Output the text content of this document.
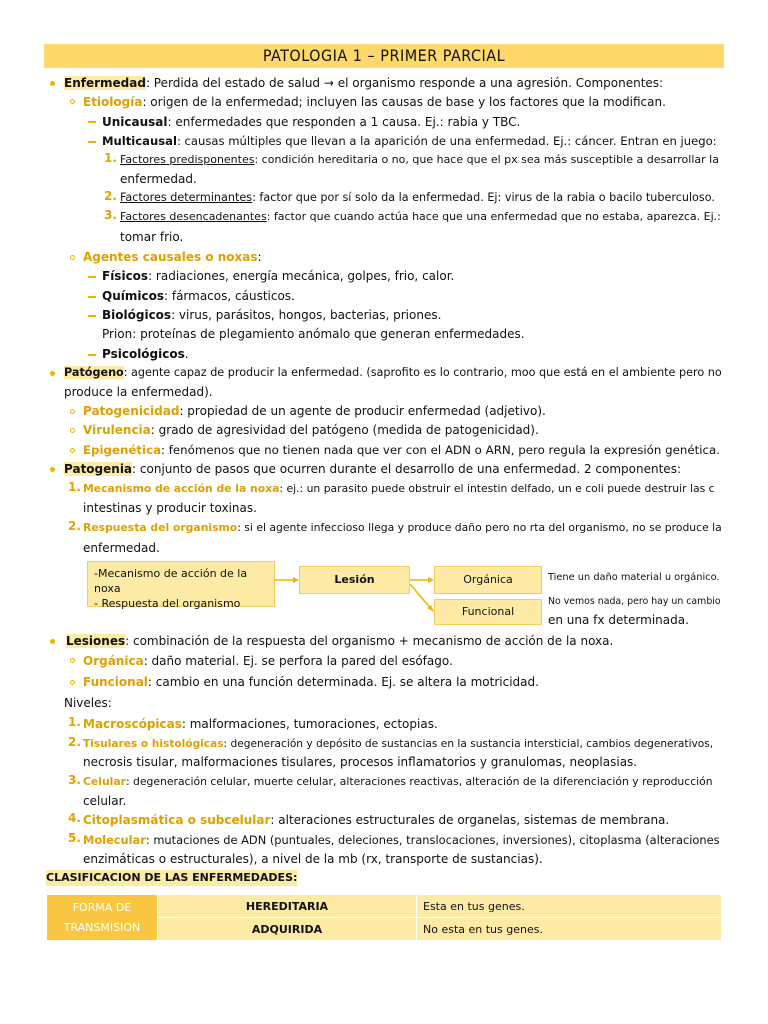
PATOLOGIA 1 – PRIMER PARCIAL
Enfermedad: Perdida del estado de salud → el organismo responde a una agresión. Componentes:
Etiología: origen de la enfermedad; incluyen las causas de base y los factores que la modifican.
Unicausal: enfermedades que responden a 1 causa. Ej.: rabia y TBC.
Multicausal: causas múltiples que llevan a la aparición de una enfermedad. Ej.: cáncer. Entran en juego:
1. Factores predisponentes: condición hereditaria o no, que hace que el px sea más susceptible a desarrollar la
enfermedad.
2. Factores determinantes: factor que por sí solo da la enfermedad. Ej: virus de la rabia o bacilo tuberculoso.
3. Factores desencadenantes: factor que cuando actúa hace que una enfermedad que no estaba, aparezca. Ej.:
tomar frio.
Agentes causales o noxas:
Físicos: radiaciones, energía mecánica, golpes, frio, calor.
Químicos: fármacos, cáusticos.
Biológicos: virus, parásitos, hongos, bacterias, priones.
Prion: proteínas de plegamiento anómalo que generan enfermedades.
Psicológicos.
Patógeno: agente capaz de producir la enfermedad. (saprofito es lo contrario, moo que está en el ambiente pero no
produce la enfermedad).
Patogenicidad: propiedad de un agente de producir enfermedad (adjetivo).
Virulencia: grado de agresividad del patógeno (medida de patogenicidad).
Epigenética: fenómenos que no tienen nada que ver con el ADN o ARN, pero regula la expresión genética.
Patogenia: conjunto de pasos que ocurren durante el desarrollo de una enfermedad. 2 componentes:
1. Mecanismo de acción de la noxa: ej.: un parasito puede obstruir el intestin delfado, un e coli puede destruir las c
intestinas y producir toxinas.
2. Respuesta del organismo: si el agente infeccioso llega y produce daño pero no rta del organismo, no se produce la
enfermedad.
-Mecanismo de acción de la noxa
- Respuesta del organismo
Lesión	Orgánica
Funcional
Tiene un daño material u orgánico.
No vemos nada, pero hay un cambio
en una fx determinada.
Lesiones: combinación de la respuesta del organismo + mecanismo de acción de la noxa.
Orgánica: daño material. Ej. se perfora la pared del esófago.
Funcional: cambio en una función determinada. Ej. se altera la motricidad.
Niveles:
1. Macroscópicas: malformaciones, tumoraciones, ectopias.
2. Tisulares o histológicas: degeneración y depósito de sustancias en la sustancia intersticial, cambios degenerativos,
necrosis tisular, malformaciones tisulares, procesos inflamatorios y granulomas, neoplasias.
3. Celular: degeneración celular, muerte celular, alteraciones reactivas, alteración de la diferenciación y reproducción
celular.
4. Citoplasmática o subcelular: alteraciones estructurales de organelas, sistemas de membrana.
5. Molecular: mutaciones de ADN (puntuales, deleciones, translocaciones, inversiones), citoplasma (alteraciones
enzimáticas o estructurales), a nivel de la mb (rx, transporte de sustancias).
CLASIFICACION DE LAS ENFERMEDADES:
FORMA DE
TRANSMISION	HEREDITARIA	Esta en tus genes.
	ADQUIRIDA	No esta en tus genes.
